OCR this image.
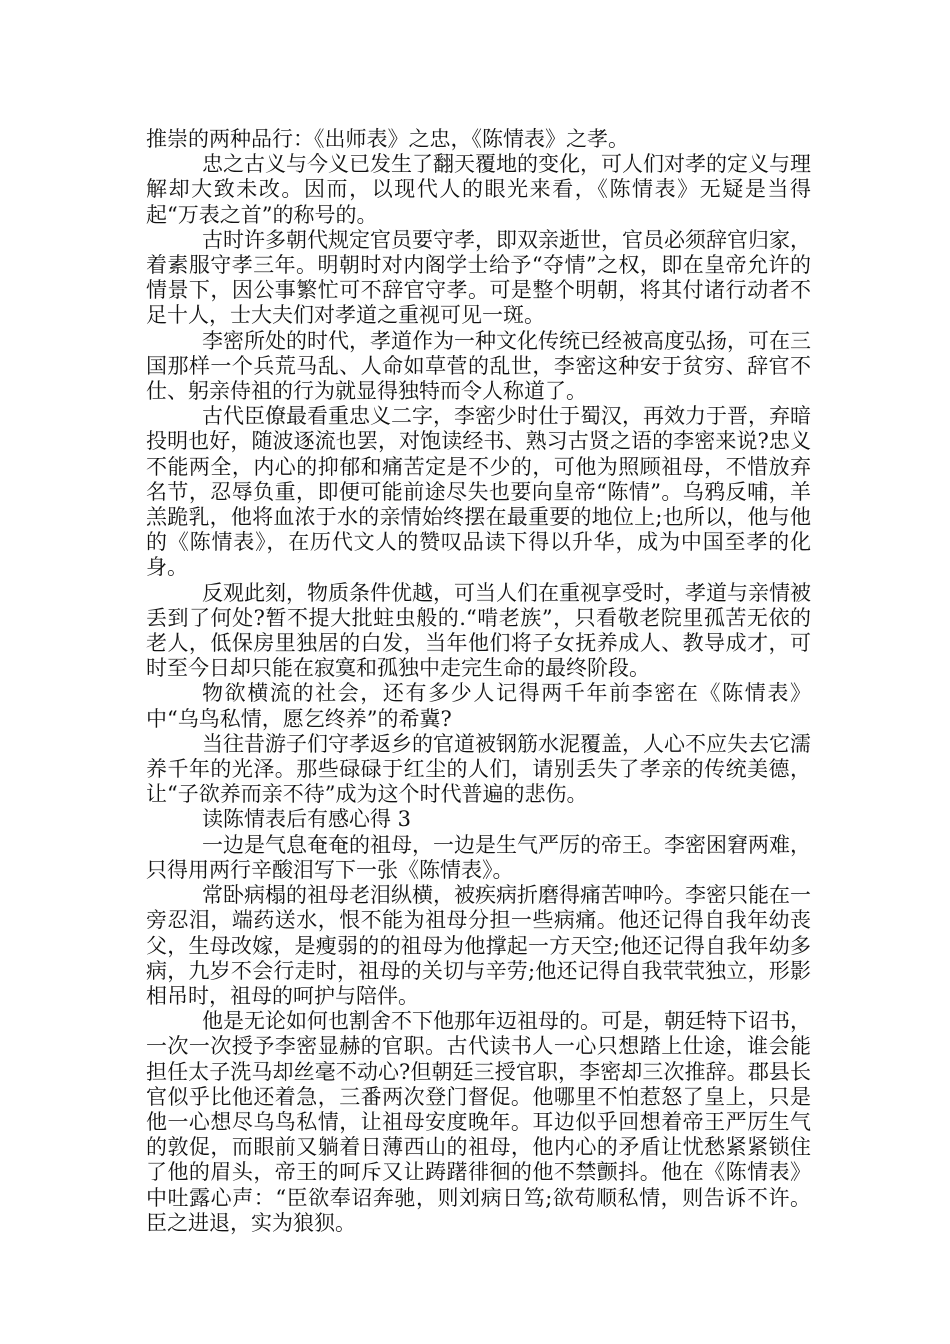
推崇的两种品行：《出师表》之忠，《陈情表》之孝。

忠之古义与今义已发生了翻天覆地的变化，可人们对孝的定义与理解却大致未改。因而，以现代人的眼光来看，《陈情表》无疑是当得起“万表之首”的称号的。

古时许多朝代规定官员要守孝，即双亲逝世，官员必须辞官归家，着素服守孝三年。明朝时对内阁学士给予“夺情”之权，即在皇帝允许的情景下，因公事繁忙可不辞官守孝。可是整个明朝，将其付诸行动者不足十人，士大夫们对孝道之重视可见一斑。

李密所处的时代，孝道作为一种文化传统已经被高度弘扬，可在三国那样一个兵荒马乱、人命如草菅的乱世，李密这种安于贫穷、辞官不仕、躬亲侍祖的行为就显得独特而令人称道了。

古代臣僚最看重忠义二字，李密少时仕于蜀汉，再效力于晋，弃暗投明也好，随波逐流也罢，对饱读经书、熟习古贤之语的李密来说?忠义不能两全，内心的抑郁和痛苦定是不少的，可他为照顾祖母，不惜放弃名节，忍辱负重，即便可能前途尽失也要向皇帝“陈情”。乌鸦反哺，羊羔跪乳，他将血浓于水的亲情始终摆在最重要的地位上;也所以，他与他的《陈情表》，在历代文人的赞叹品读下得以升华，成为中国至孝的化身。

反观此刻，物质条件优越，可当人们在重视享受时，孝道与亲情被丢到了何处?暂不提大批蛀虫般的.“啃老族”，只看敬老院里孤苦无依的老人，低保房里独居的白发，当年他们将子女抚养成人、教导成才，可时至今日却只能在寂寞和孤独中走完生命的最终阶段。

物欲横流的社会，还有多少人记得两千年前李密在《陈情表》中“乌鸟私情，愿乞终养”的希冀?

当往昔游子们守孝返乡的官道被钢筋水泥覆盖，人心不应失去它濡养千年的光泽。那些碌碌于红尘的人们，请别丢失了孝亲的传统美德，让“子欲养而亲不待”成为这个时代普遍的悲伤。

读陈情表后有感心得 3

一边是气息奄奄的祖母，一边是生气严厉的帝王。李密困窘两难，只得用两行辛酸泪写下一张《陈情表》。

常卧病榻的祖母老泪纵横，被疾病折磨得痛苦呻吟。李密只能在一旁忍泪，端药送水，恨不能为祖母分担一些病痛。他还记得自我年幼丧父，生母改嫁，是瘦弱的的祖母为他撑起一方天空;他还记得自我年幼多病，九岁不会行走时，祖母的关切与辛劳;他还记得自我茕茕独立，形影相吊时，祖母的呵护与陪伴。

他是无论如何也割舍不下他那年迈祖母的。可是，朝廷特下诏书，一次一次授予李密显赫的官职。古代读书人一心只想踏上仕途，谁会能担任太子洗马却丝毫不动心?但朝廷三授官职，李密却三次推辞。郡县长官似乎比他还着急，三番两次登门督促。他哪里不怕惹怒了皇上，只是他一心想尽乌鸟私情，让祖母安度晚年。耳边似乎回想着帝王严厉生气的敦促，而眼前又躺着日薄西山的祖母，他内心的矛盾让忧愁紧紧锁住了他的眉头，帝王的呵斥又让踌躇徘徊的他不禁颤抖。他在《陈情表》中吐露心声：“臣欲奉诏奔驰，则刘病日笃;欲苟顺私情，则告诉不许。臣之进退，实为狼狈。
